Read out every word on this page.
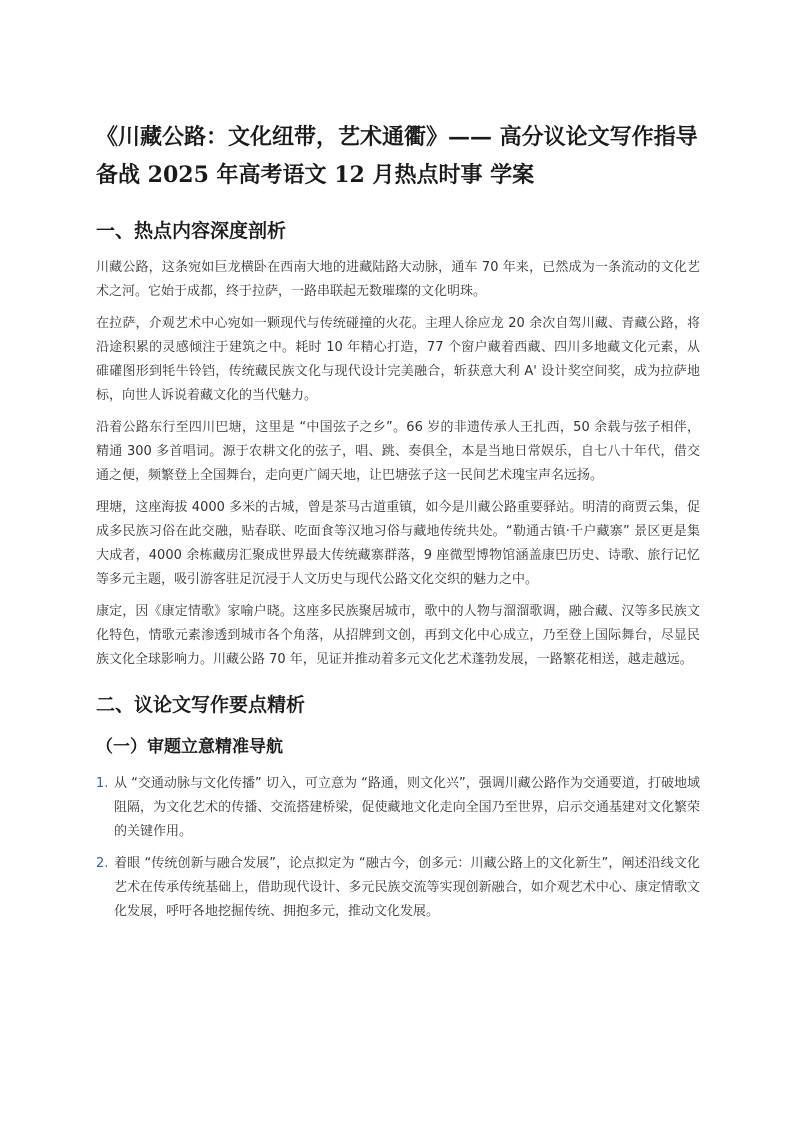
《川藏公路：文化纽带，艺术通衢》—— 高分议论文写作指导备战 2025 年高考语文 12 月热点时事 学案
一、热点内容深度剖析

川藏公路，这条宛如巨龙横卧在西南大地的进藏陆路大动脉，通车 70 年来，已然成为一条流动的文化艺术之河。它始于成都，终于拉萨，一路串联起无数璀璨的文化明珠。

在拉萨，介观艺术中心宛如一颗现代与传统碰撞的火花。主理人徐应龙 20 余次自驾川藏、青藏公路，将沿途积累的灵感倾注于建筑之中。耗时 10 年精心打造，77 个窗户藏着西藏、四川多地藏文化元素，从碓礶图形到牦牛铃铛，传统藏民族文化与现代设计完美融合，斩获意大利 A' 设计奖空间奖，成为拉萨地标，向世人诉说着藏文化的当代魅力。

沿着公路东行至四川巴塘，这里是 “中国弦子之乡”。66 岁的非遗传承人王扎西，50 余载与弦子相伴，精通 300 多首唱词。源于农耕文化的弦子，唱、跳、奏俱全，本是当地日常娱乐，自七八十年代，借交通之便，频繁登上全国舞台，走向更广阔天地，让巴塘弦子这一民间艺术瑰宝声名远扬。

理塘，这座海拔 4000 多米的古城，曾是茶马古道重镇，如今是川藏公路重要驿站。明清的商贾云集，促成多民族习俗在此交融，贴春联、吃面食等汉地习俗与藏地传统共处。“勒通古镇·千户藏寨” 景区更是集大成者，4000 余栋藏房汇聚成世界最大传统藏寨群落，9 座微型博物馆涵盖康巴历史、诗歌、旅行记忆等多元主题，吸引游客驻足沉浸于人文历史与现代公路文化交织的魅力之中。

康定，因《康定情歌》家喻户晓。这座多民族聚居城市，歌中的人物与溜溜歌调，融合藏、汉等多民族文化特色，情歌元素渗透到城市各个角落，从招牌到文创，再到文化中心成立，乃至登上国际舞台，尽显民族文化全球影响力。川藏公路 70 年，见证并推动着多元文化艺术蓬勃发展，一路繁花相送，越走越远。

二、议论文写作要点精析
（一）审题立意精准导航
1. 从 “交通动脉与文化传播” 切入，可立意为 “路通，则文化兴”，强调川藏公路作为交通要道，打破地域阻隔，为文化艺术的传播、交流搭建桥梁，促使藏地文化走向全国乃至世界，启示交通基建对文化繁荣的关键作用。
2. 着眼 “传统创新与融合发展”，论点拟定为 “融古今，创多元：川藏公路上的文化新生”，阐述沿线文化艺术在传承传统基础上，借助现代设计、多元民族交流等实现创新融合，如介观艺术中心、康定情歌文化发展，呼吁各地挖掘传统、拥抱多元，推动文化发展。
